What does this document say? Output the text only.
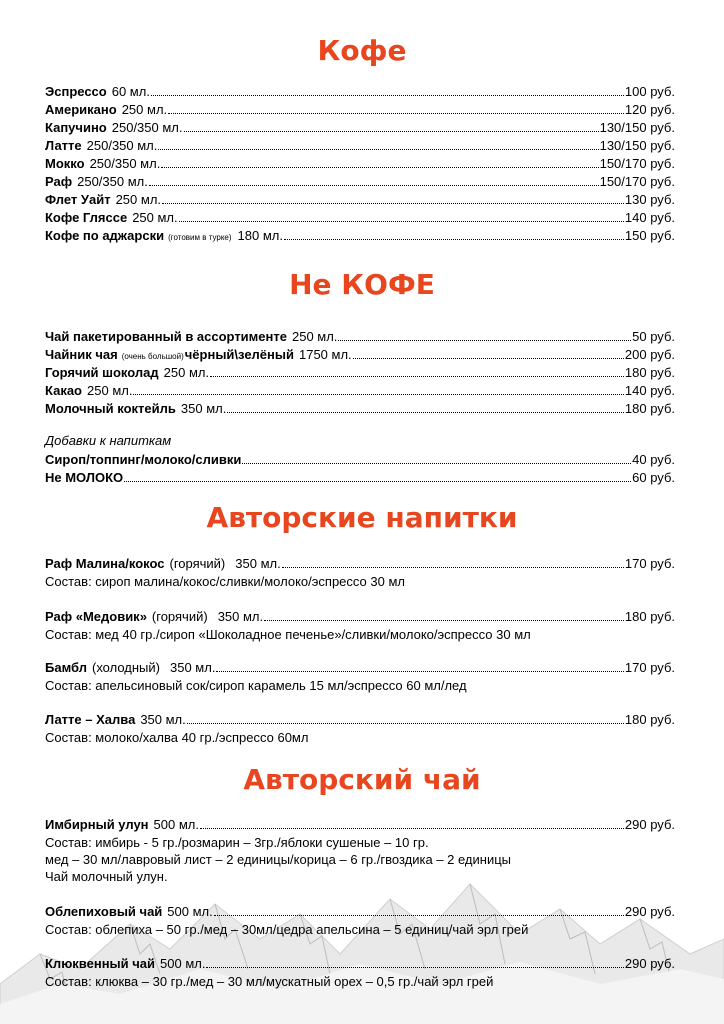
Кофе
Эспрессо 60 мл.	100 руб.
Американо 250 мл.	120 руб.
Капучино 250/350 мл.	130/150 руб.
Латте 250/350 мл.	130/150 руб.
Мокко 250/350 мл.	150/170 руб.
Раф 250/350 мл.	150/170 руб.
Флет Уайт 250 мл.	130 руб.
Кофе Гляссе 250 мл.	140 руб.
Кофе по аджарски (готовим в турке) 180 мл.	150 руб.
Не КОФЕ
Чай пакетированный в ассортименте 250 мл.	50 руб.
Чайник чая (очень большой) чёрный\зелёный 1750 мл.	200 руб.
Горячий шоколад 250 мл.	180 руб.
Какао 250 мл.	140 руб.
Молочный коктейль 350 мл.	180 руб.
Добавки к напиткам
Сироп/топпинг/молоко/сливки	40 руб.
Не МОЛОКО	60 руб.
Авторские напитки
Раф Малина/кокос (горячий) 350 мл.	170 руб.
Состав: сироп малина/кокос/сливки/молоко/эспрессо 30 мл
Раф «Медовик» (горячий) 350 мл.	180 руб.
Состав: мед 40 гр./сироп «Шоколадное печенье»/сливки/молоко/эспрессо 30 мл
Бамбл (холодный) 350 мл.	170 руб.
Состав: апельсиновый сок/сироп карамель 15 мл/эспрессо 60 мл/лед
Латте – Халва 350 мл.	180 руб.
Состав: молоко/халва 40 гр./эспрессо 60мл
Авторский чай
Имбирный улун 500 мл.	290 руб.
Состав: имбирь - 5 гр./розмарин – 3гр./яблоки сушеные – 10 гр.
мед – 30 мл/лавровый лист – 2 единицы/корица – 6 гр./гвоздика – 2 единицы
Чай молочный улун.
Облепиховый чай 500 мл.	290 руб.
Состав: облепиха – 50 гр./мед – 30мл/цедра апельсина – 5 единиц/чай эрл грей
Клюквенный чай 500 мл.	290 руб.
Состав: клюква – 30 гр./мед – 30 мл/мускатный орех – 0,5 гр./чай эрл грей
